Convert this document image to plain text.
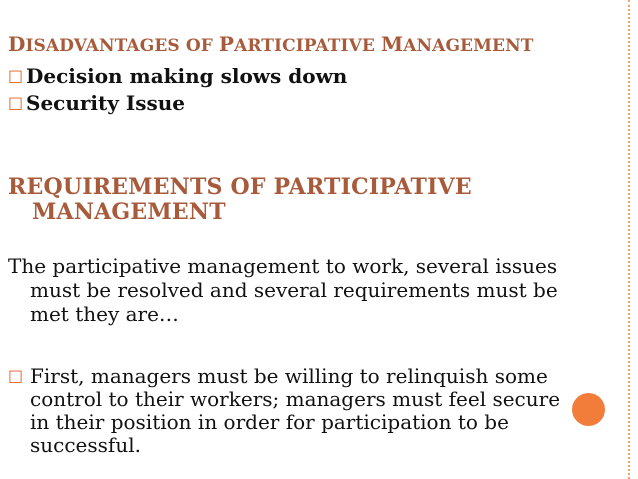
DISADVANTAGES OF PARTICIPATIVE MANAGEMENT
□ Decision making slows down
□ Security Issue
REQUIREMENTS OF PARTICIPATIVE
MANAGEMENT
The participative management to work, several issues
must be resolved and several requirements must be
met they are…
□ First, managers must be willing to relinquish some
control to their workers; managers must feel secure
in their position in order for participation to be
successful.
